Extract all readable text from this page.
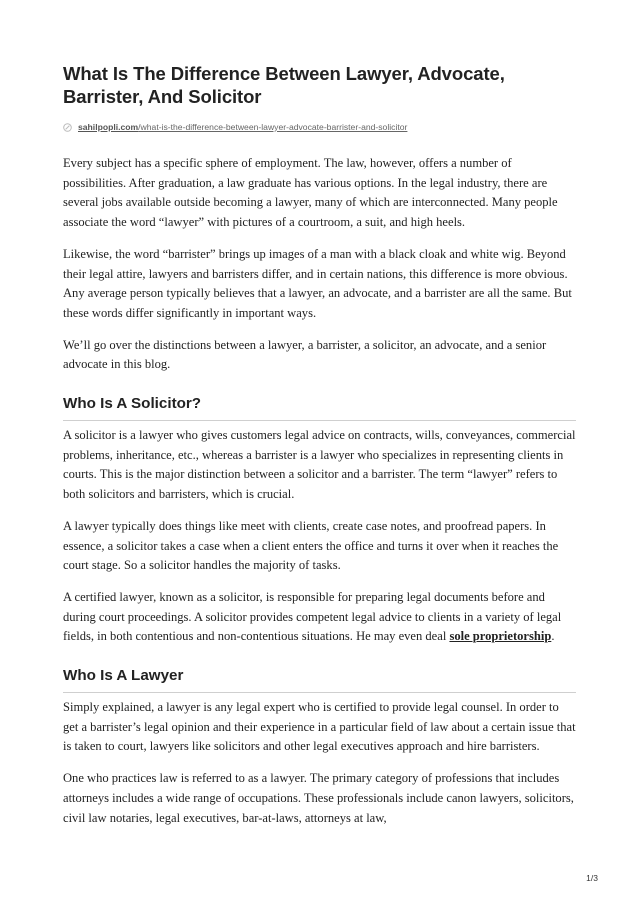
What Is The Difference Between Lawyer, Advocate, Barrister, And Solicitor
sahilpopli.com /what-is-the-difference-between-lawyer-advocate-barrister-and-solicitor

Every subject has a specific sphere of employment. The law, however, offers a number of possibilities. After graduation, a law graduate has various options. In the legal industry, there are several jobs available outside becoming a lawyer, many of which are interconnected. Many people associate the word “lawyer” with pictures of a courtroom, a suit, and high heels.

Likewise, the word “barrister” brings up images of a man with a black cloak and white wig. Beyond their legal attire, lawyers and barristers differ, and in certain nations, this difference is more obvious. Any average person typically believes that a lawyer, an advocate, and a barrister are all the same. But these words differ significantly in important ways.

We’ll go over the distinctions between a lawyer, a barrister, a solicitor, an advocate, and a senior advocate in this blog.

Who Is A Solicitor?

A solicitor is a lawyer who gives customers legal advice on contracts, wills, conveyances, commercial problems, inheritance, etc., whereas a barrister is a lawyer who specializes in representing clients in courts. This is the major distinction between a solicitor and a barrister. The term “lawyer” refers to both solicitors and barristers, which is crucial.

A lawyer typically does things like meet with clients, create case notes, and proofread papers. In essence, a solicitor takes a case when a client enters the office and turns it over when it reaches the court stage. So a solicitor handles the majority of tasks.

A certified lawyer, known as a solicitor, is responsible for preparing legal documents before and during court proceedings. A solicitor provides competent legal advice to clients in a variety of legal fields, in both contentious and non-contentious situations. He may even deal sole proprietorship.

Who Is A Lawyer

Simply explained, a lawyer is any legal expert who is certified to provide legal counsel. In order to get a barrister’s legal opinion and their experience in a particular field of law about a certain issue that is taken to court, lawyers like solicitors and other legal executives approach and hire barristers.

One who practices law is referred to as a lawyer. The primary category of professions that includes attorneys includes a wide range of occupations. These professionals include canon lawyers, solicitors, civil law notaries, legal executives, bar-at-laws, attorneys at law,

1/3
